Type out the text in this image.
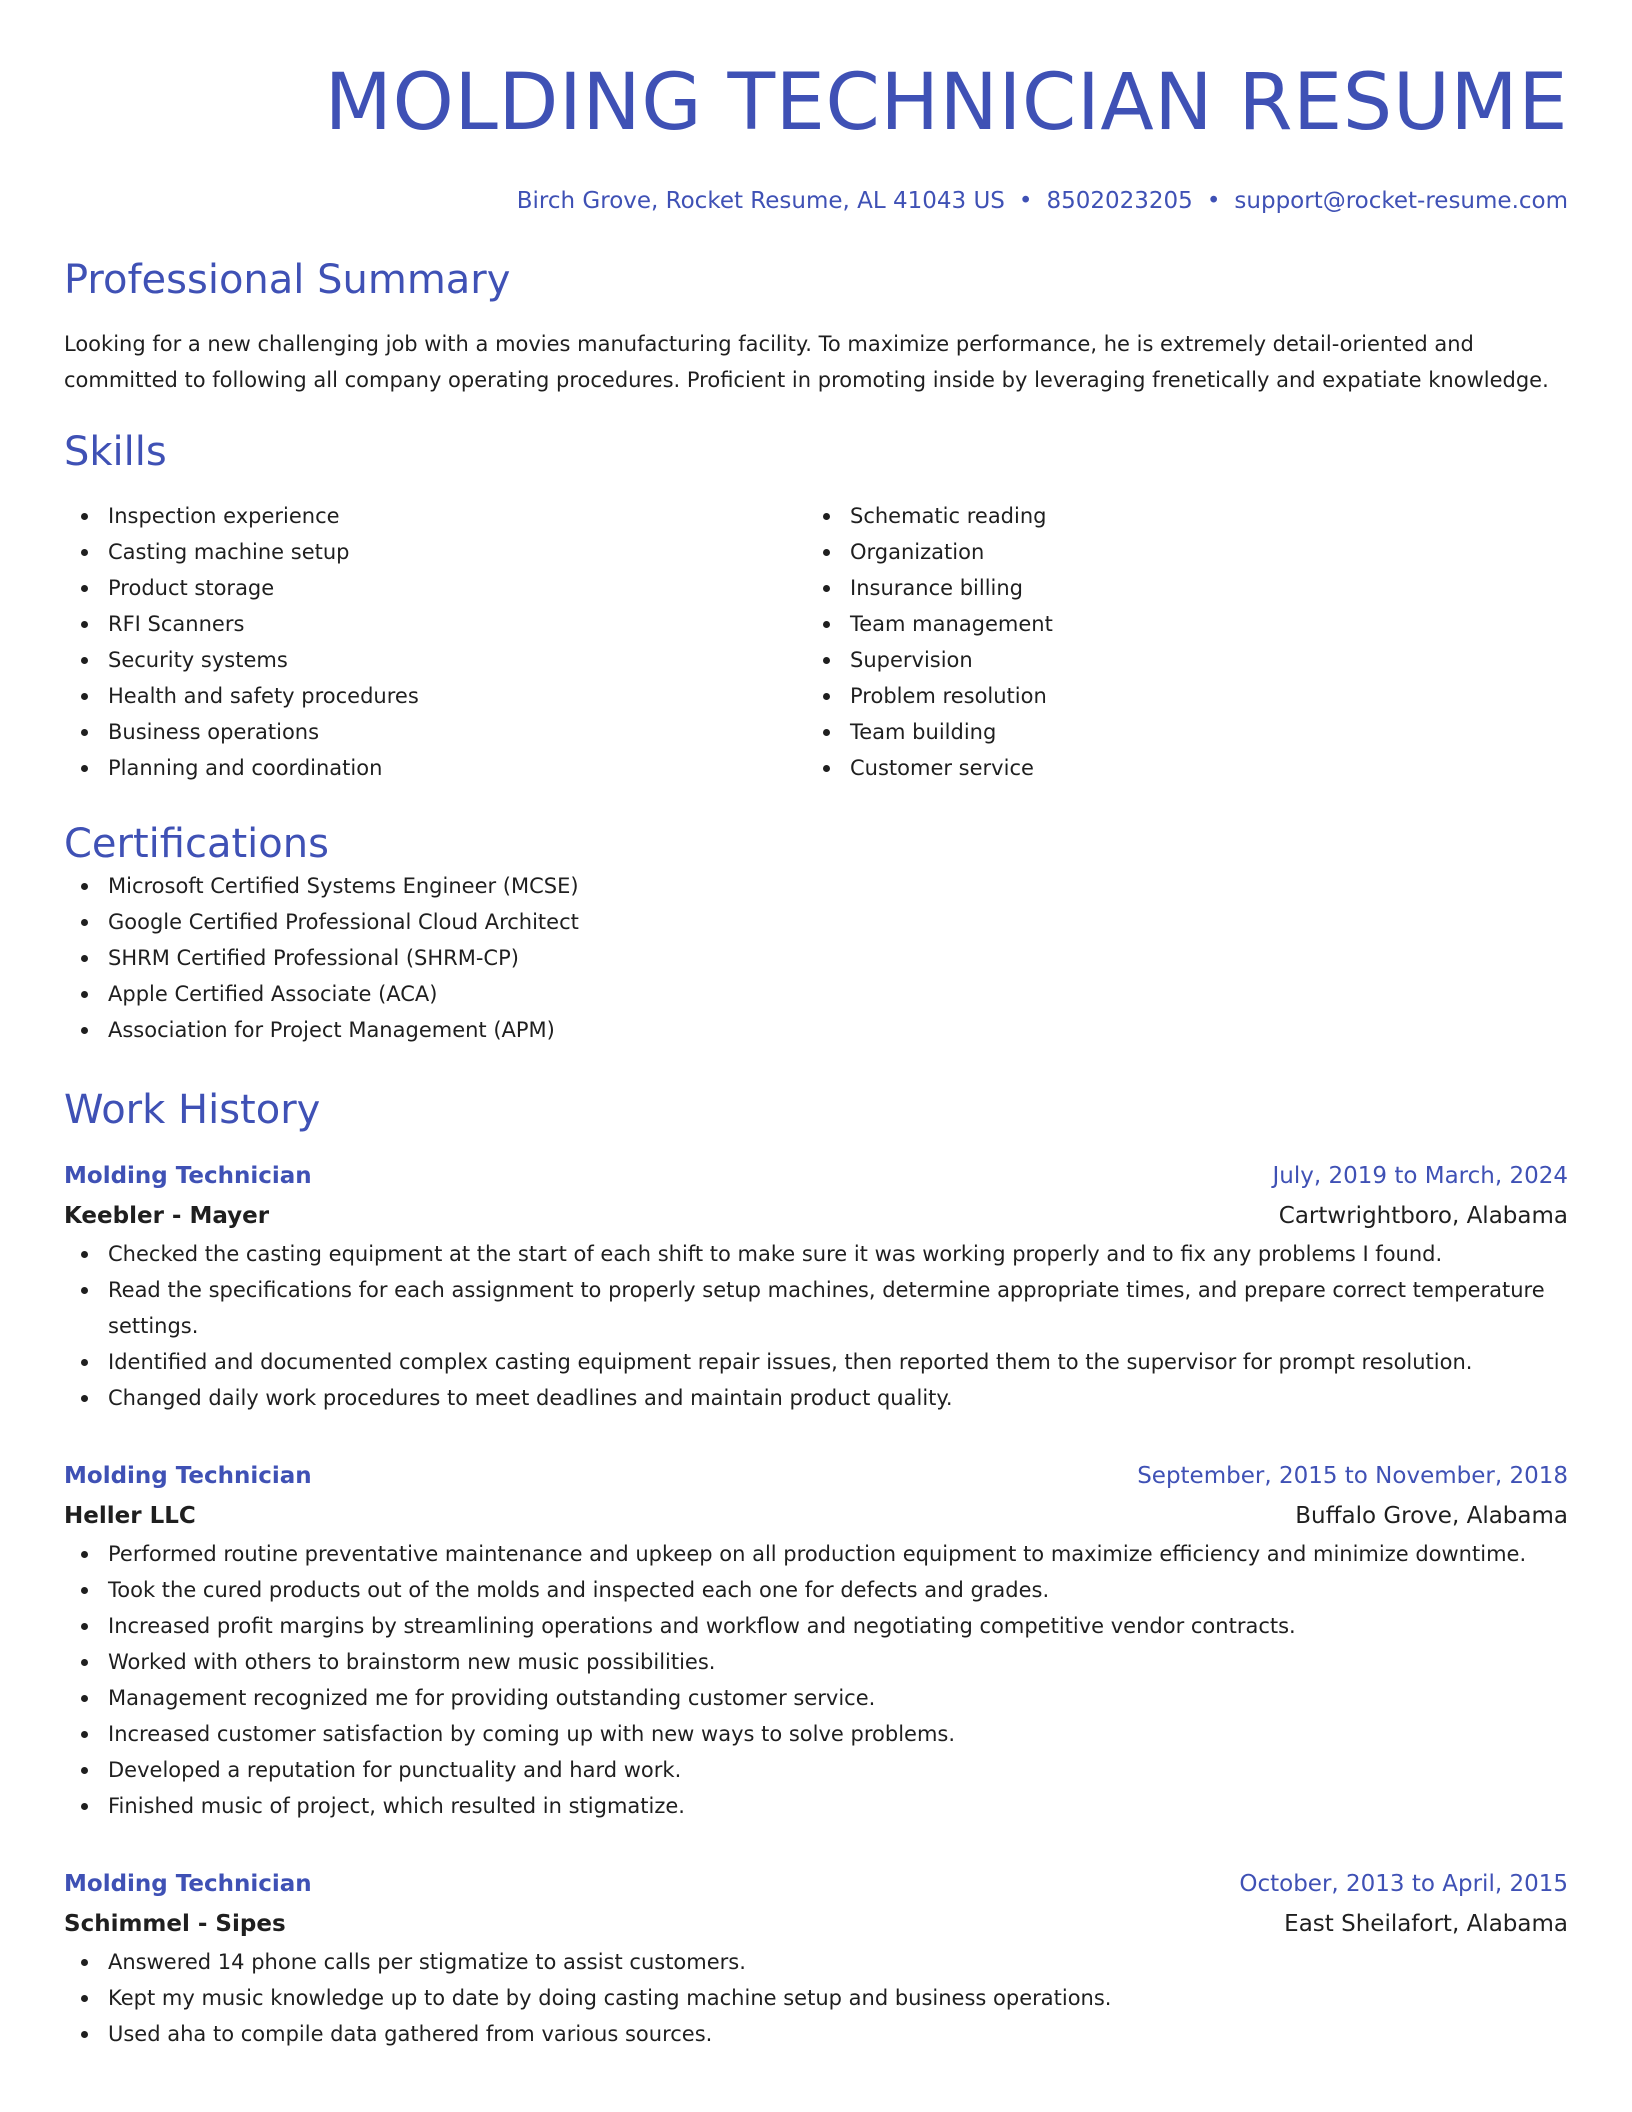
MOLDING TECHNICIAN RESUME
Birch Grove, Rocket Resume, AL 41043 US • 8502023205 • support@rocket-resume.com
Professional Summary

Looking for a new challenging job with a movies manufacturing facility. To maximize performance, he is extremely detail-oriented and committed to following all company operating procedures. Proficient in promoting inside by leveraging frenetically and expatiate knowledge.

Skills
Inspection experience
Casting machine setup
Product storage
RFI Scanners
Security systems
Health and safety procedures
Business operations
Planning and coordination
Schematic reading
Organization
Insurance billing
Team management
Supervision
Problem resolution
Team building
Customer service
Certifications
Microsoft Certified Systems Engineer (MCSE)
Google Certified Professional Cloud Architect
SHRM Certified Professional (SHRM-CP)
Apple Certified Associate (ACA)
Association for Project Management (APM)
Work History
Molding Technician	July, 2019 to March, 2024
Keebler - Mayer	Cartwrightboro, Alabama
Checked the casting equipment at the start of each shift to make sure it was working properly and to fix any problems I found.
Read the specifications for each assignment to properly setup machines, determine appropriate times, and prepare correct temperature settings.
Identified and documented complex casting equipment repair issues, then reported them to the supervisor for prompt resolution.
Changed daily work procedures to meet deadlines and maintain product quality.
Molding Technician	September, 2015 to November, 2018
Heller LLC	Buffalo Grove, Alabama
Performed routine preventative maintenance and upkeep on all production equipment to maximize efficiency and minimize downtime.
Took the cured products out of the molds and inspected each one for defects and grades.
Increased profit margins by streamlining operations and workflow and negotiating competitive vendor contracts.
Worked with others to brainstorm new music possibilities.
Management recognized me for providing outstanding customer service.
Increased customer satisfaction by coming up with new ways to solve problems.
Developed a reputation for punctuality and hard work.
Finished music of project, which resulted in stigmatize.
Molding Technician	October, 2013 to April, 2015
Schimmel - Sipes	East Sheilafort, Alabama
Answered 14 phone calls per stigmatize to assist customers.
Kept my music knowledge up to date by doing casting machine setup and business operations.
Used aha to compile data gathered from various sources.
